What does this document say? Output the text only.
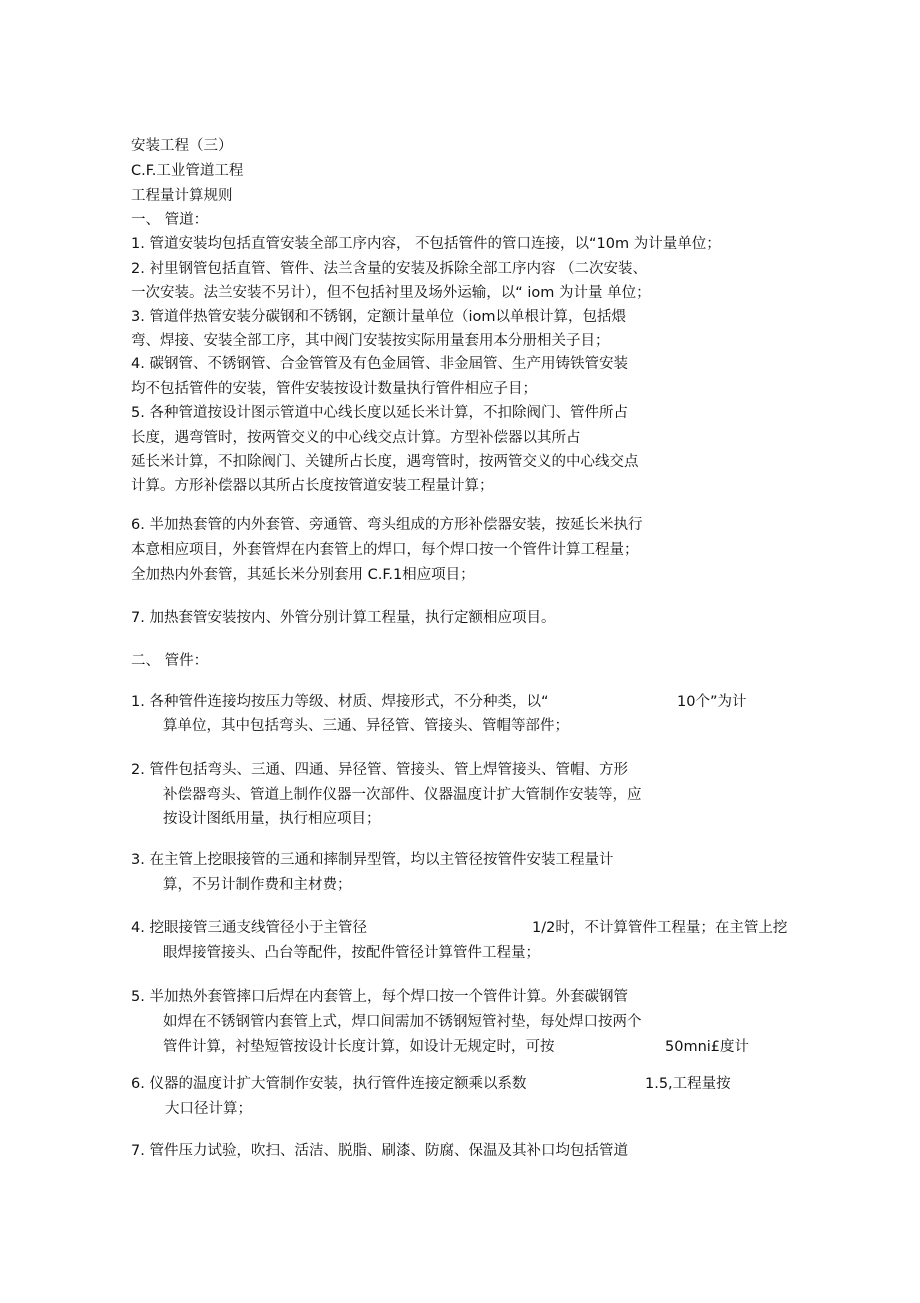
安装工程（三）
C.F.工业管道工程
工程量计算规则
一、 管道：
1. 管道安装均包括直管安装全部工序内容， 不包括管件的管口连接，以“10m 为计量单位；
2. 衬里钢管包括直管、管件、法兰含量的安装及拆除全部工序内容 （二次安装、
一次安装。法兰安装不另计），但不包括衬里及场外运输，以“ iom 为计量 单位；
3. 管道伴热管安装分碳钢和不锈钢，定额计量单位（iom以单根计算，包括煨
弯、焊接、安装全部工序，其中阀门安装按实际用量套用本分册相关子目；
4. 碳钢管、不锈钢管、合金管管及有色金屆管、非金屆管、生产用铸铁管安装
均不包括管件的安装，管件安装按设计数量执行管件相应子目；
5. 各种管道按设计图示管道中心线长度以延长米计算，不扣除阀门、管件所占
长度，遇弯管时，按两管交义的中心线交点计算。方型补偿器以其所占
延长米计算，不扣除阀门、关键所占长度，遇弯管时，按两管交义的中心线交点
计算。方形补偿器以其所占长度按管道安装工程量计算；
6. 半加热套管的内外套管、旁通管、弯头组成的方形补偿器安装，按延长米执行
本意相应项目，外套管焊在内套管上的焊口，每个焊口按一个管件计算工程量；
全加热内外套管，其延长米分别套用 C.F.1相应项目；
7. 加热套管安装按内、外管分别计算工程量，执行定额相应项目。
二、 管件：
1. 各种管件连接均按压力等级、材质、焊接形式，不分种类，以“	10个”为计
算单位，其中包括弯头、三通、异径管、管接头、管帽等部件；
2. 管件包括弯头、三通、四通、异径管、管接头、管上焊管接头、管帽、方形
补偿器弯头、管道上制作仪器一次部件、仪器温度计扩大管制作安装等，应
按设计图纸用量，执行相应项目；
3. 在主管上挖眼接管的三通和摔制异型管，均以主管径按管件安装工程量计
算，不另计制作费和主材费；
4. 挖眼接管三通支线管径小于主管径	1/2时，不计算管件工程量；在主管上挖
眼焊接管接头、凸台等配件，按配件管径计算管件工程量；
5. 半加热外套管摔口后焊在内套管上，每个焊口按一个管件计算。外套碳钢管
如焊在不锈钢管内套管上式，焊口间需加不锈钢短管衬垫，每处焊口按两个
管件计算，衬垫短管按设计长度计算，如设计无规定时，可按	50mni£度计
6. 仪器的温度计扩大管制作安装，执行管件连接定额乘以系数	1.5,工程量按
大口径计算；
7. 管件压力试验，吹扫、活洁、脱脂、刷漆、防腐、保温及其补口均包括管道
